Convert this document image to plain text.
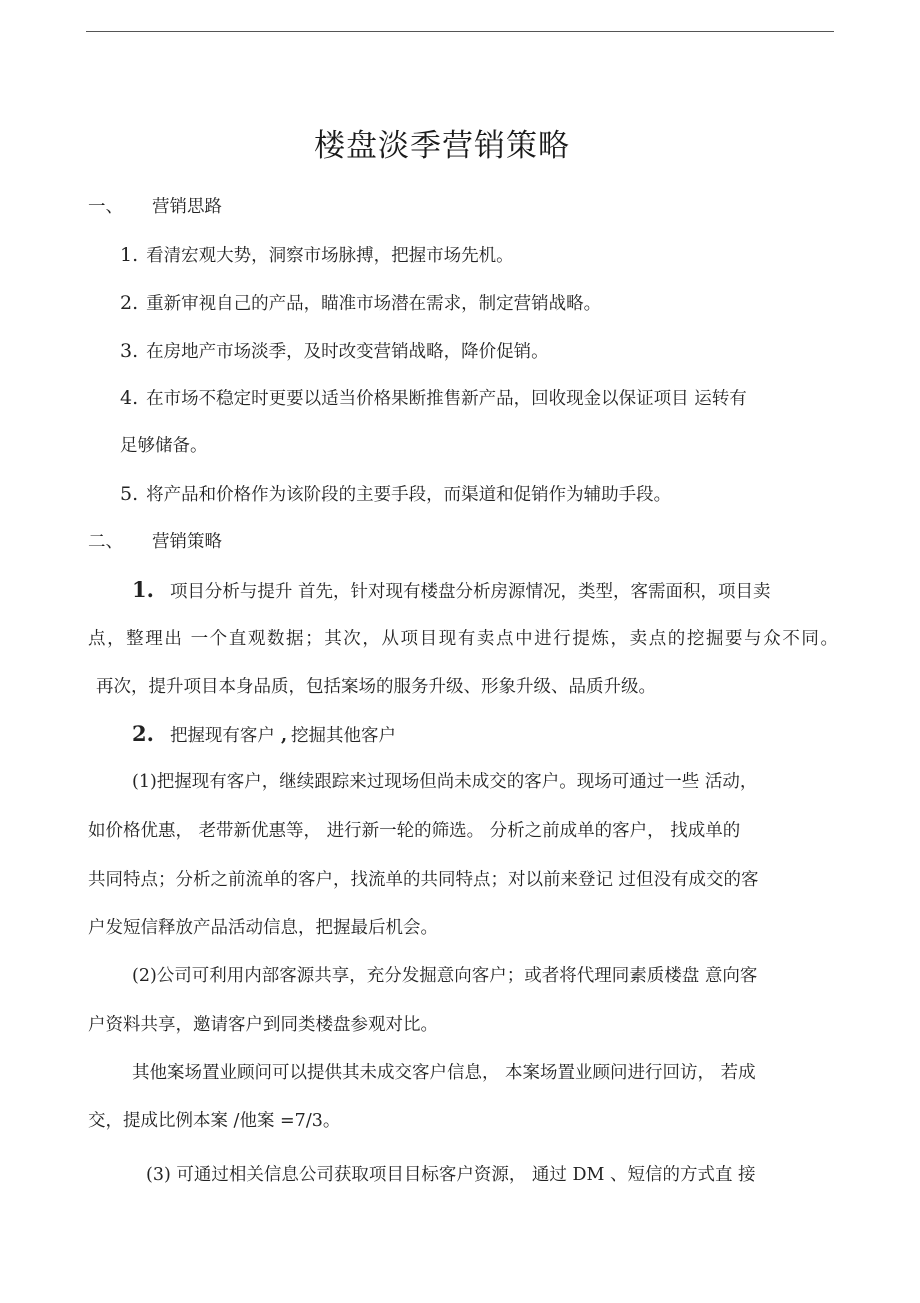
楼盘淡季营销策略
一、 营销思路
1. 看清宏观大势，洞察市场脉搏，把握市场先机。
2. 重新审视自己的产品，瞄准市场潜在需求，制定营销战略。
3. 在房地产市场淡季，及时改变营销战略，降价促销。
4. 在市场不稳定时更要以适当价格果断推售新产品，回收现金以保证项目 运转有
足够储备。
5. 将产品和价格作为该阶段的主要手段，而渠道和促销作为辅助手段。
二、 营销策略
1. 项目分析与提升 首先，针对现有楼盘分析房源情况，类型，客需面积，项目卖
点，整理出 一个直观数据；其次，从项目现有卖点中进行提炼，卖点的挖掘要与众不同。
再次，提升项目本身品质，包括案场的服务升级、形象升级、品质升级。
2. 把握现有客户 , 挖掘其他客户
(1)把握现有客户，继续跟踪来过现场但尚未成交的客户。现场可通过一些 活动，
如价格优惠， 老带新优惠等， 进行新一轮的筛选。 分析之前成单的客户， 找成单的
共同特点；分析之前流单的客户，找流单的共同特点；对以前来登记 过但没有成交的客
户发短信释放产品活动信息，把握最后机会。
(2)公司可利用内部客源共享，充分发掘意向客户；或者将代理同素质楼盘 意向客
户资料共享，邀请客户到同类楼盘参观对比。
其他案场置业顾问可以提供其未成交客户信息， 本案场置业顾问进行回访， 若成
交，提成比例本案 /他案 =7/3。
(3) 可通过相关信息公司获取项目目标客户资源， 通过 DM 、短信的方式直 接
